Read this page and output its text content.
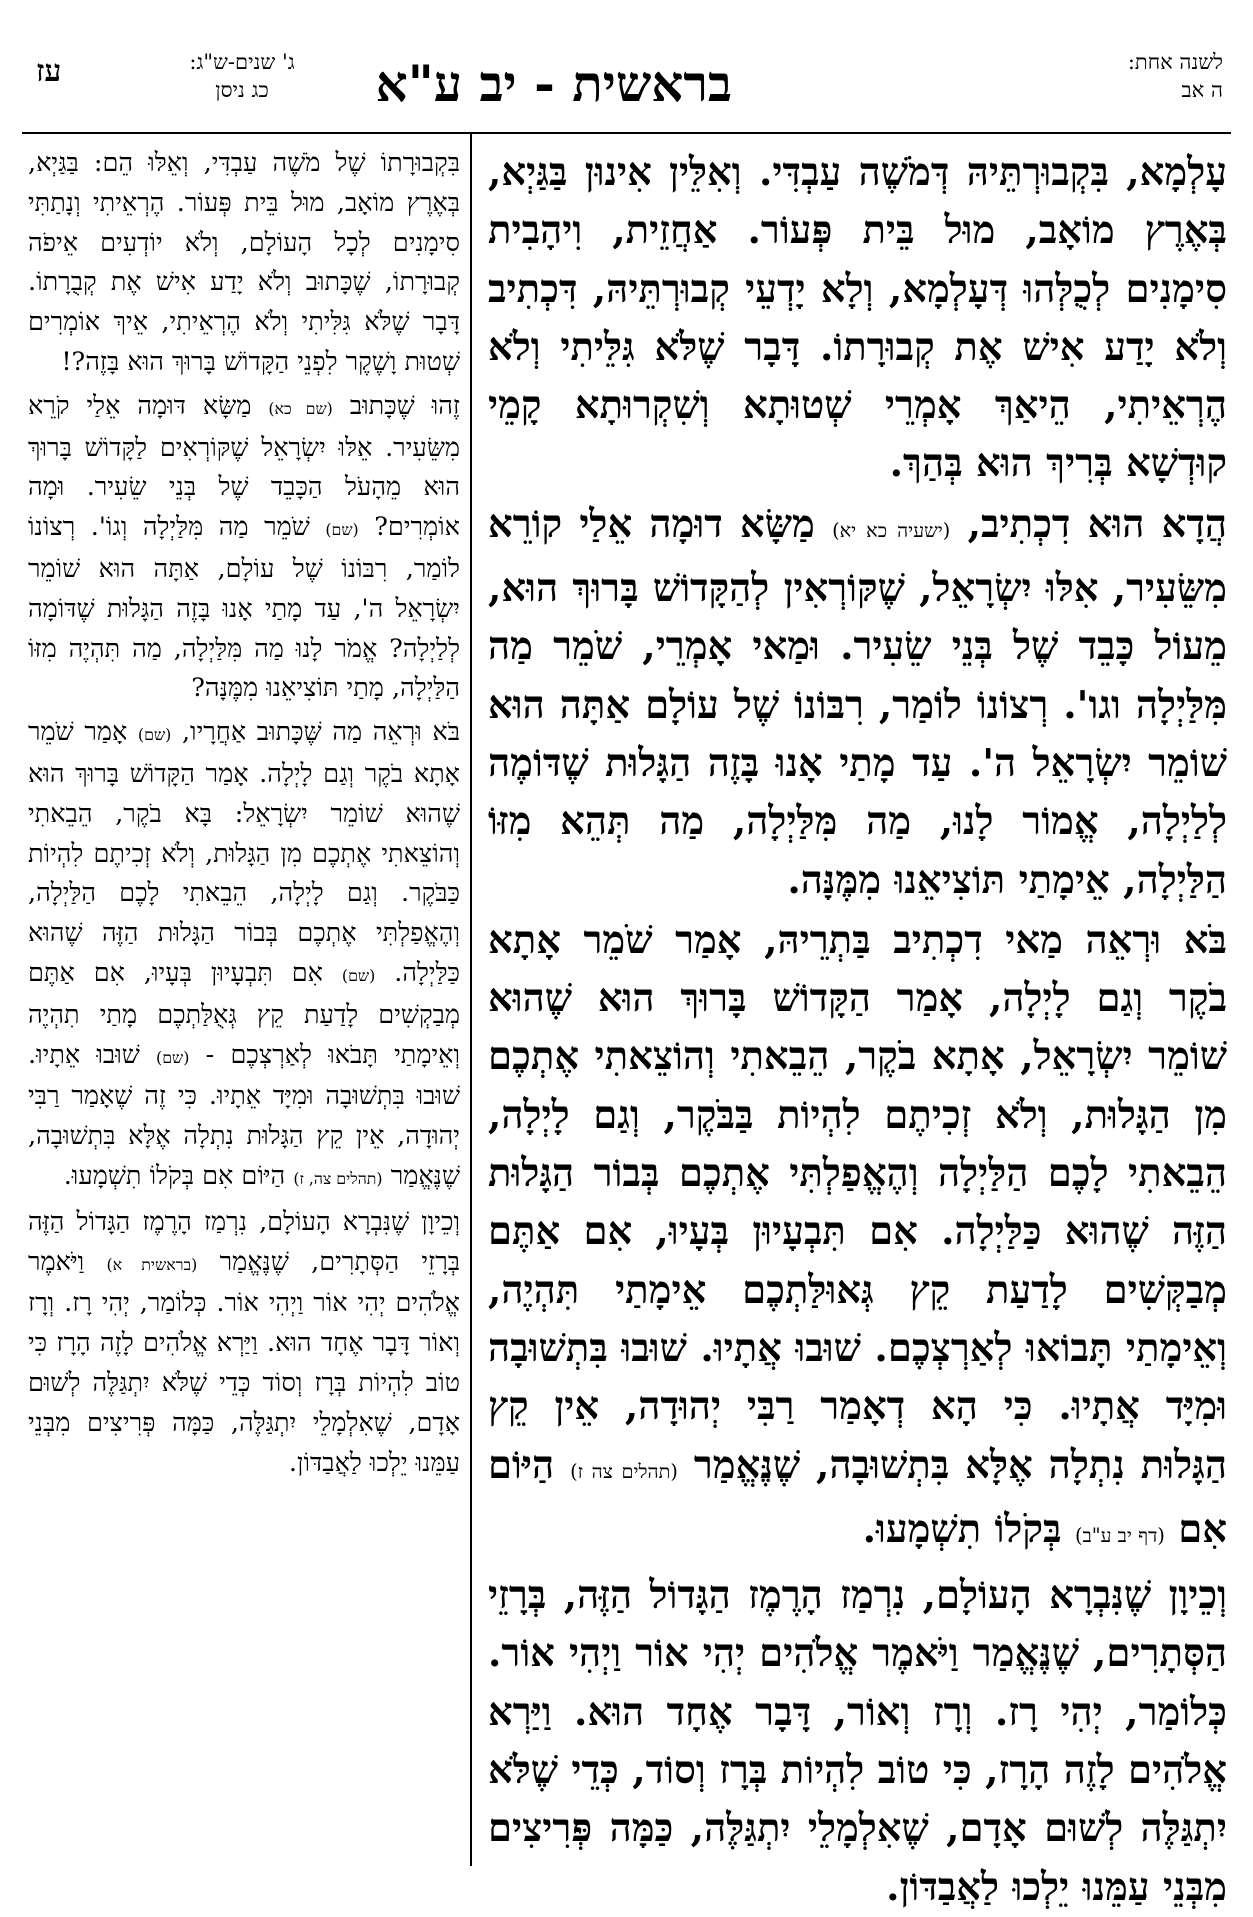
לשנה אחת:
ה אב
בראשית - יב ע"א
ג' שנים-ש"ג:
כג ניסן
עז

עָלְמָא, בִּקְבוּרְתֵּיהּ דְּמֹשֶׁה עַבְדִּי. וְאִלֵּין אִינוּן בַּגַּיְא, בְּאֶרֶץ מוֹאָב, מוּל בֵּית פְּעוֹר. אַחֲזֵית, וִיהָבִית סִימָנִים לְכֻלְּהוּ דְּעָלְמָא, וְלָא יָדְעֵי קְבוּרְתֵּיהּ, דִּכְתִיב וְלֹא יָדַע אִישׁ אֶת קְבוּרָתוֹ. דָּבָר שֶׁלֹּא גִּלֵּיתִי וְלֹא הֶרְאֵיתִי, הֵיאַךְ אָמְרֵי שְׁטוּתָא וְשִׁקְרוּתָא קָמֵי קוּדְשָׁא בְּרִיךְ הוּא בְּהַךְ.

הֲדָא הוּא דִכְתִיב, (ישעיה כא יא) מַשָּׂא דוּמָה אֵלַי קוֹרֵא מִשֵּׂעִיר, אִלּוּ יִשְׂרָאֵל, שֶׁקּוֹרְאִין לְהַקָּדוֹשׁ בָּרוּךְ הוּא, מֵעוֹל כָּבֵד שֶׁל בְּנֵי שֵׂעִיר. וּמַאי אָמְרֵי, שֹׁמֵר מַה מִּלַּיְלָה וגו'. רְצוֹנוֹ לוֹמַר, רִבּוֹנוֹ שֶׁל עוֹלָם אַתָּה הוּא שׁוֹמֵר יִשְׂרָאֵל ה'. עַד מָתַי אָנוּ בָּזֶה הַגָּלוּת שֶׁדּוֹמֶה לְלַיְלָה, אֱמוֹר לָנוּ, מַה מִּלַּיְלָה, מַה תְּהֵא מִזּוֹ הַלַּיְלָה, אֵימָתַי תּוֹצִיאֵנוּ מִמֶּנָּה.

בֹּא וּרְאֵה מַאי דִכְתִיב בַּתְרֵיהּ, אָמַר שֹׁמֵר אָתָא בֹקֶר וְגַם לָיְלָה, אָמַר הַקָּדוֹשׁ בָּרוּךְ הוּא שֶׁהוּא שׁוֹמֵר יִשְׂרָאֵל, אָתָא בֹקֶר, הֵבֵאתִי וְהוֹצֵאתִי אֶתְכֶם מִן הַגָּלוּת, וְלֹא זְכִיתֶם לִהְיוֹת בַּבֹּקֶר, וְגַם לָיְלָה, הֵבֵאתִי לָכֶם הַלַּיְלָה וְהֶאֱפַלְתִּי אֶתְכֶם בְּבוֹר הַגָּלוּת הַזֶּה שֶׁהוּא כַּלַּיְלָה. אִם תִּבְעָיוּן בְּעָיוּ, אִם אַתֶּם מְבַקְּשִׁים לָדַעַת קֵץ גְּאוּלַּתְכֶם אֵימָתַי תִּהְיֶה, וְאֵימָתַי תָּבוֹאוּ לְאַרְצְכֶם. שׁוּבוּ אֲתָיוּ. שׁוּבוּ בִּתְשׁוּבָה וּמִיָּד אֲתָיוּ. כִּי הָא דְאָמַר רַבִּי יְהוּדָה, אֵין קֵץ הַגָּלוּת נִתְלָה אֶלָּא בִּתְשׁוּבָה, שֶׁנֶּאֱמַר (תהלים צה ז) הַיּוֹם אִם (דף יב ע"ב) בְּקֹלוֹ תִשְׁמָעוּ.

וְכֵיוָן שֶׁנִּבְרָא הָעוֹלָם, נִרְמַז הָרֶמֶז הַגָּדוֹל הַזֶּה, בְּרָזֵי הַסְּתָרִים, שֶׁנֶּאֱמַר וַיֹּאמֶר אֱלֹהִים יְהִי אוֹר וַיְהִי אוֹר. כְּלוֹמַר, יְהִי רָז. וְרָז וְאוֹר, דָּבָר אֶחָד הוּא. וַיַּרְא אֱלֹהִים לָזֶה הָרָז, כִּי טוֹב לִהְיוֹת בְּרָז וְסוֹד, כְּדֵי שֶׁלֹּא יִתְגַּלֶּה לְשׁוּם אָדָם, שֶׁאִלְמָלֵי יִתְגַּלֶּה, כַּמָּה פְּרִיצִים מִבְּנֵי עַמֵּנוּ יֵלְכוּ לַאֲבַדּוֹן.

בִּקְבוּרָתוֹ שֶׁל מֹשֶׁה עַבְדִּי, וְאֵלּוּ הֵם: בַּגַּיְא, בְּאֶרֶץ מוֹאָב, מוּל בֵּית פְּעוֹר. הֶרְאֵיתִי וְנָתַתִּי סִימָנִים לְכָל הָעוֹלָם, וְלֹא יוֹדְעִים אֵיפֹה קְבוּרָתוֹ, שֶׁכָּתוּב וְלֹא יָדַע אִישׁ אֶת קְבֻרָתוֹ. דָּבָר שֶׁלֹּא גִּלִּיתִי וְלֹא הֶרְאֵיתִי, אֵיךְ אוֹמְרִים שְׁטוּת וָשֶׁקֶר לִפְנֵי הַקָּדוֹשׁ בָּרוּךְ הוּא בָּזֶה?!

זֶהוּ שֶׁכָּתוּב (שם כא) מַשָּׂא דּוּמָה אֵלַי קֹרֵא מִשֵּׂעִיר. אֵלּוּ יִשְׂרָאֵל שֶׁקּוֹרְאִים לַקָּדוֹשׁ בָּרוּךְ הוּא מֵהָעֹל הַכָּבֵד שֶׁל בְּנֵי שֵׂעִיר. וּמָה אוֹמְרִים? (שם) שֹׁמֵר מַה מִּלַּיְלָה וְגוֹ'. רְצוֹנוֹ לוֹמַר, רִבּוֹנוֹ שֶׁל עוֹלָם, אַתָּה הוּא שׁוֹמֵר יִשְׂרָאֵל ה', עַד מָתַי אָנוּ בָּזֶה הַגָּלוּת שֶׁדּוֹמָה לְלַיְלָה? אֱמֹר לָנוּ מַה מִּלַּיְלָה, מַה תִּהְיֶה מִזּוֹ הַלַּיְלָה, מָתַי תּוֹצִיאֵנוּ מִמֶּנָּה?

בֹּא וּרְאֵה מַה שֶּׁכָּתוּב אַחֲרָיו, (שם) אָמַר שֹׁמֵר אָתָא בֹקֶר וְגַם לָיְלָה. אָמַר הַקָּדוֹשׁ בָּרוּךְ הוּא שֶׁהוּא שׁוֹמֵר יִשְׂרָאֵל: בָּא בֹקֶר, הֵבֵאתִי וְהוֹצֵאתִי אֶתְכֶם מִן הַגָּלוּת, וְלֹא זְכִיתֶם לִהְיוֹת כַּבֹּקֶר. וְגַם לָיְלָה, הֵבֵאתִי לָכֶם הַלַּיְלָה, וְהֶאֱפַלְתִּי אֶתְכֶם בְּבוֹר הַגָּלוּת הַזֶּה שֶׁהוּא כַּלַּיְלָה. (שם) אִם תִּבְעָיוּן בְּעָיוּ, אִם אַתֶּם מְבַקְשִׁים לָדַעַת קֵץ גְּאֻלַּתְכֶם מָתַי תִהְיֶה וְאֵימָתַי תָּבֹאוּ לְאַרְצְכֶם - (שם) שׁוּבוּ אֵתָיוּ. שׁוּבוּ בִּתְשׁוּבָה וּמִיָּד אֵתָיוּ. כִּי זֶה שֶׁאָמַר רַבִּי יְהוּדָה, אֵין קֵץ הַגָּלוּת נִתְלָה אֶלָּא בִּתְשׁוּבָה, שֶׁנֶּאֱמַר (תהלים צה, ז) הַיּוֹם אִם בְּקֹלוֹ תִשְׁמָעוּ.

וְכֵיוָן שֶׁנִּבְרָא הָעוֹלָם, נִרְמַז הָרֶמֶז הַגָּדוֹל הַזֶּה בְּרָזֵי הַסְּתָרִים, שֶׁנֶּאֱמַר (בראשית א) וַיֹּאמֶר אֱלֹהִים יְהִי אוֹר וַיְהִי אוֹר. כְּלוֹמַר, יְהִי רָז. וְרָז וְאוֹר דָּבָר אֶחָד הוּא. וַיַּרְא אֱלֹהִים לָזֶה הָרָז כִּי טוֹב לִהְיוֹת בְּרָז וְסוֹד כְּדֵי שֶׁלֹּא יִתְגַּלֶּה לְשׁוּם אָדָם, שֶׁאִלְמָלֵי יִתְגַּלֶּה, כַּמָּה פְּרִיצִים מִבְּנֵי עַמֵּנוּ יֵלְכוּ לַאֲבַדּוֹן.
